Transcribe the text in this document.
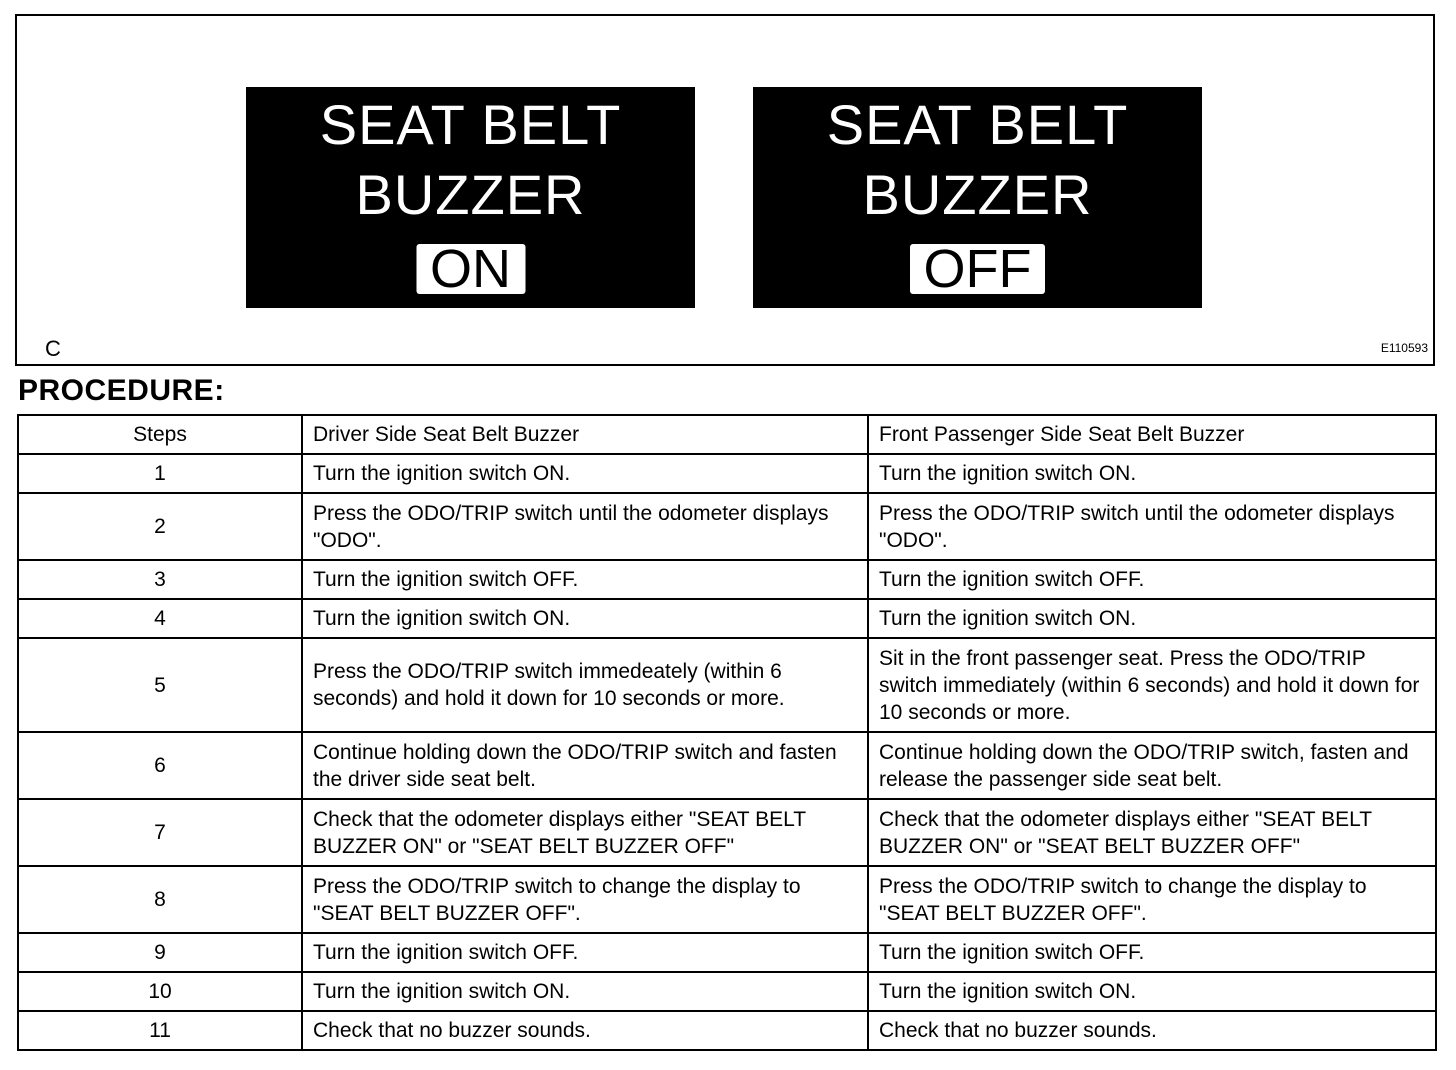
SEAT BELT
BUZZER
ON
SEAT BELT
BUZZER
OFF
C	E110593
PROCEDURE:
Steps	Driver Side Seat Belt Buzzer	Front Passenger Side Seat Belt Buzzer
1	Turn the ignition switch ON.	Turn the ignition switch ON.
2	Press the ODO/TRIP switch until the odometer displays "ODO".	Press the ODO/TRIP switch until the odometer displays "ODO".
3	Turn the ignition switch OFF.	Turn the ignition switch OFF.
4	Turn the ignition switch ON.	Turn the ignition switch ON.
5	Press the ODO/TRIP switch immedeately (within 6 seconds) and hold it down for 10 seconds or more.	Sit in the front passenger seat. Press the ODO/TRIP switch immediately (within 6 seconds) and hold it down for 10 seconds or more.
6	Continue holding down the ODO/TRIP switch and fasten the driver side seat belt.	Continue holding down the ODO/TRIP switch, fasten and release the passenger side seat belt.
7	Check that the odometer displays either "SEAT BELT BUZZER ON" or "SEAT BELT BUZZER OFF"	Check that the odometer displays either "SEAT BELT BUZZER ON" or "SEAT BELT BUZZER OFF"
8	Press the ODO/TRIP switch to change the display to "SEAT BELT BUZZER OFF".	Press the ODO/TRIP switch to change the display to "SEAT BELT BUZZER OFF".
9	Turn the ignition switch OFF.	Turn the ignition switch OFF.
10	Turn the ignition switch ON.	Turn the ignition switch ON.
11	Check that no buzzer sounds.	Check that no buzzer sounds.
